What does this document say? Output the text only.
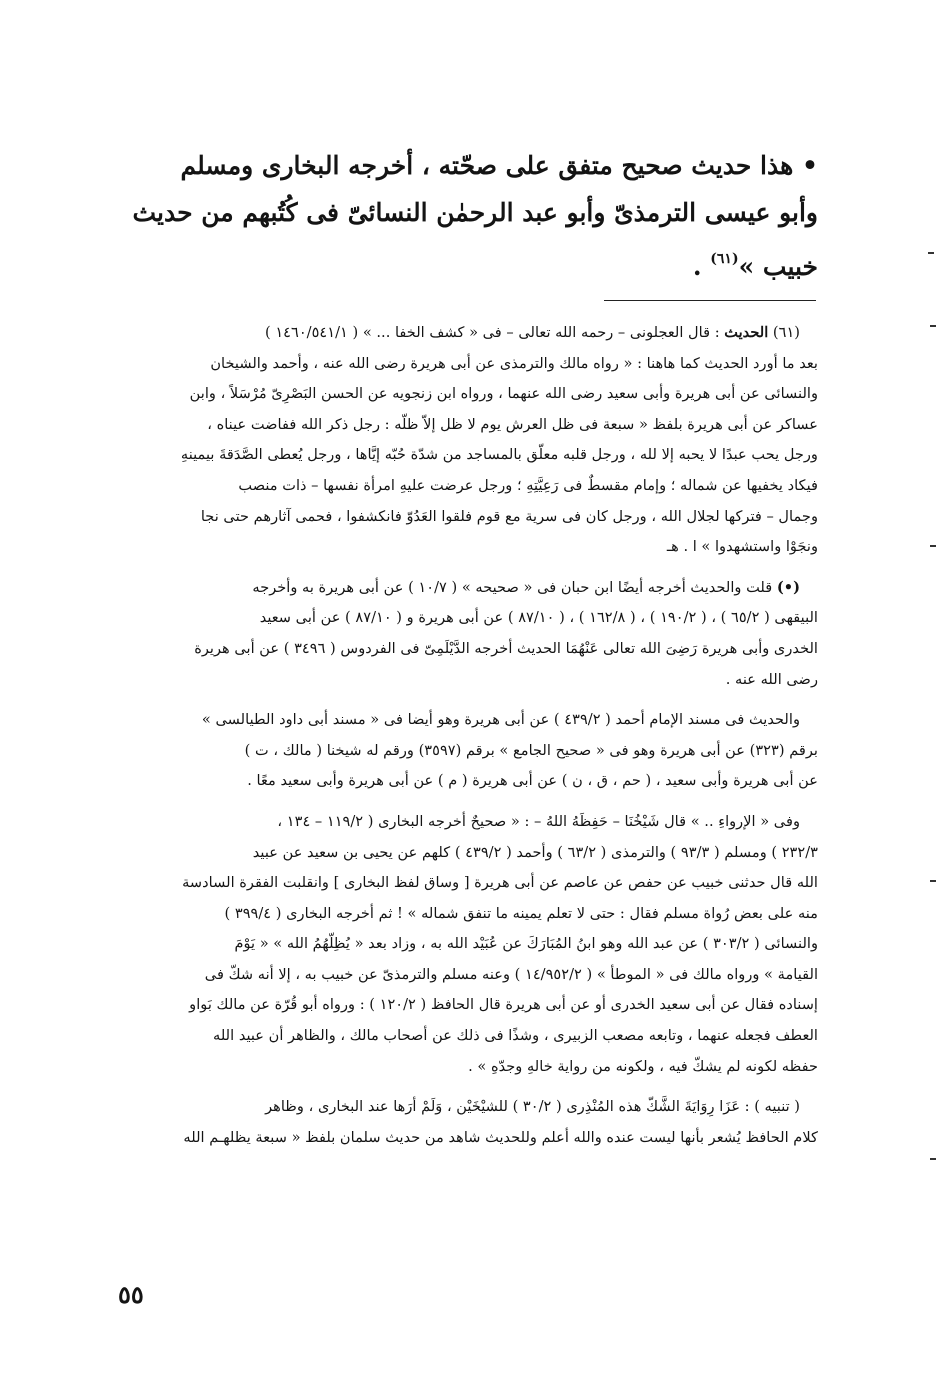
• هذا حديث صحيح متفق على صحّته ، أخرجه البخارى ومسلم

وأبو عيسى الترمذىّ وأبو عبد الرحمٰن النسائىّ فى كُتُبهم من حديث

خبيب »$^{(٦١)}$ .

(٦١) الحديث : قال العجلونى – رحمه الله تعالى – فى « كشف الخفا ... » ( ١٤٦٠/٥٤١/١ )

بعد ما أورد الحديث كما هاهنا : « رواه مالك والترمذى عن أبى هريرة رضى الله عنه ، وأحمد والشيخان

والنسائى عن أبى هريرة وأبى سعيد رضى الله عنهما ، ورواه ابن زنجويه عن الحسن البَصْرِىّ مُرْسَلاً ، وابن

عساكر عن أبى هريرة بلفظ « سبعة فى ظل العرش يوم لا ظل إلاّ ظلّه : رجل ذكر الله ففاضت عيناه ،

ورجل يحب عبدًا لا يحبه إلا لله ، ورجل قلبه معلّق بالمساجد من شدّة حُبّه إيَّاها ، ورجل يُعطى الصَّدَقةَ بيمينهِ

فيكاد يخفيها عن شماله ؛ وإمام مقسطٌ فى رَعِيَّتِهِ ؛ ورجل عرضت عليهِ امرأة نفسها – ذات منصب

وجمال – فتركها لجلال الله ، ورجل كان فى سرية مع قوم فلقوا العَدُوّ فانكشفوا ، فحمى آثارهم حتى نجا

ونجَوْا واستشهدوا » ا . هـ

(•) قلت والحديث أخرجه أيضًا ابن حبان فى « صحيحه » ( ١٠/٧ ) عن أبى هريرة به وأخرجه

البيقهى ( ٦٥/٢ ) ، ( ١٩٠/٢ ) ، ( ١٦٢/٨ ) ، ( ٨٧/١٠ ) عن أبى هريرة و ( ٨٧/١٠ ) عن أبى سعيد

الخدرى وأبى هريرة رَضِىَ الله تعالى عَنْهُمَا الحديث أخرجه الدَّيْلَمِىّ فى الفردوس ( ٣٤٩٦ ) عن أبى هريرة

رضى الله عنه .

والحديث فى مسند الإمام أحمد ( ٤٣٩/٢ ) عن أبى هريرة وهو أيضا فى « مسند أبى داود الطيالسى »

برقم (٣٢٣) عن أبى هريرة وهو فى « صحيح الجامع » برقم (٣٥٩٧) ورقم له شيخنا ( مالك ، ت )

عن أبى هريرة وأبى سعيد ، ( حم ، ق ، ن ) عن أبى هريرة ( م ) عن أبى هريرة وأبى سعيد معًا .

وفى « الإرواءِ .. » قال شَيْخُنَا – حَفِظَهُ اللهُ – : « صحيحٌ أخرجه البخارى ( ١١٩/٢ – ١٣٤ ،

٢٣٢/٣ ) ومسلم ( ٩٣/٣ ) والترمذى ( ٦٣/٢ ) وأحمد ( ٤٣٩/٢ ) كلهم عن يحيى بن سعيد عن عبيد

الله قال حدثنى خبيب عن حفص عن عاصم عن أبى هريرة [ وساق لفظ البخارى ] وانقلبت الفقرة السادسة

منه على بعض رُواة مسلم فقال : حتى لا تعلم يمينه ما تنفق شماله » ! ثم أخرجه البخارى ( ٣٩٩/٤ )

والنسائى ( ٣٠٣/٢ ) عن عبد الله وهو ابنُ المُبَارَكَ عن عُبَيْد الله به ، وزاد بعد « يُظِلّهُمُ الله » « يَوْمَ

القيامة » ورواه مالك فى « الموطأ » ( ١٤/٩٥٢/٢ ) وعنه مسلم والترمذىّ عن خبيب به ، إلا أنه شكّ فى

إسناده فقال عن أبى سعيد الخدرى أو عن أبى هريرة قال الحافظ ( ١٢٠/٢ ) : ورواه أبو قُرّة عن مالك بَواو

العطف فجعله عنهما ، وتابعه مصعب الزبيرى ، وشذًا فى ذلك عن أصحاب مالك ، والظاهر أن عبيد الله

حفظه لكونه لم يشكّ فيه ، ولكونه من رواية خالهِ وجدّهِ » .

( تنبيه ) : عَزَا رِوَايَةَ الشَّكّ هذه المُنْذِرى ( ٣٠/٢ ) للشيْخَيْن ، وَلَمْ أرَها عند البخارى ، وظاهر

كلام الحافظ يُشعر بأنها ليست عنده والله أعلم وللحديث شاهد من حديث سلمان بلفظ « سبعة يظلهـم الله

٥٥
